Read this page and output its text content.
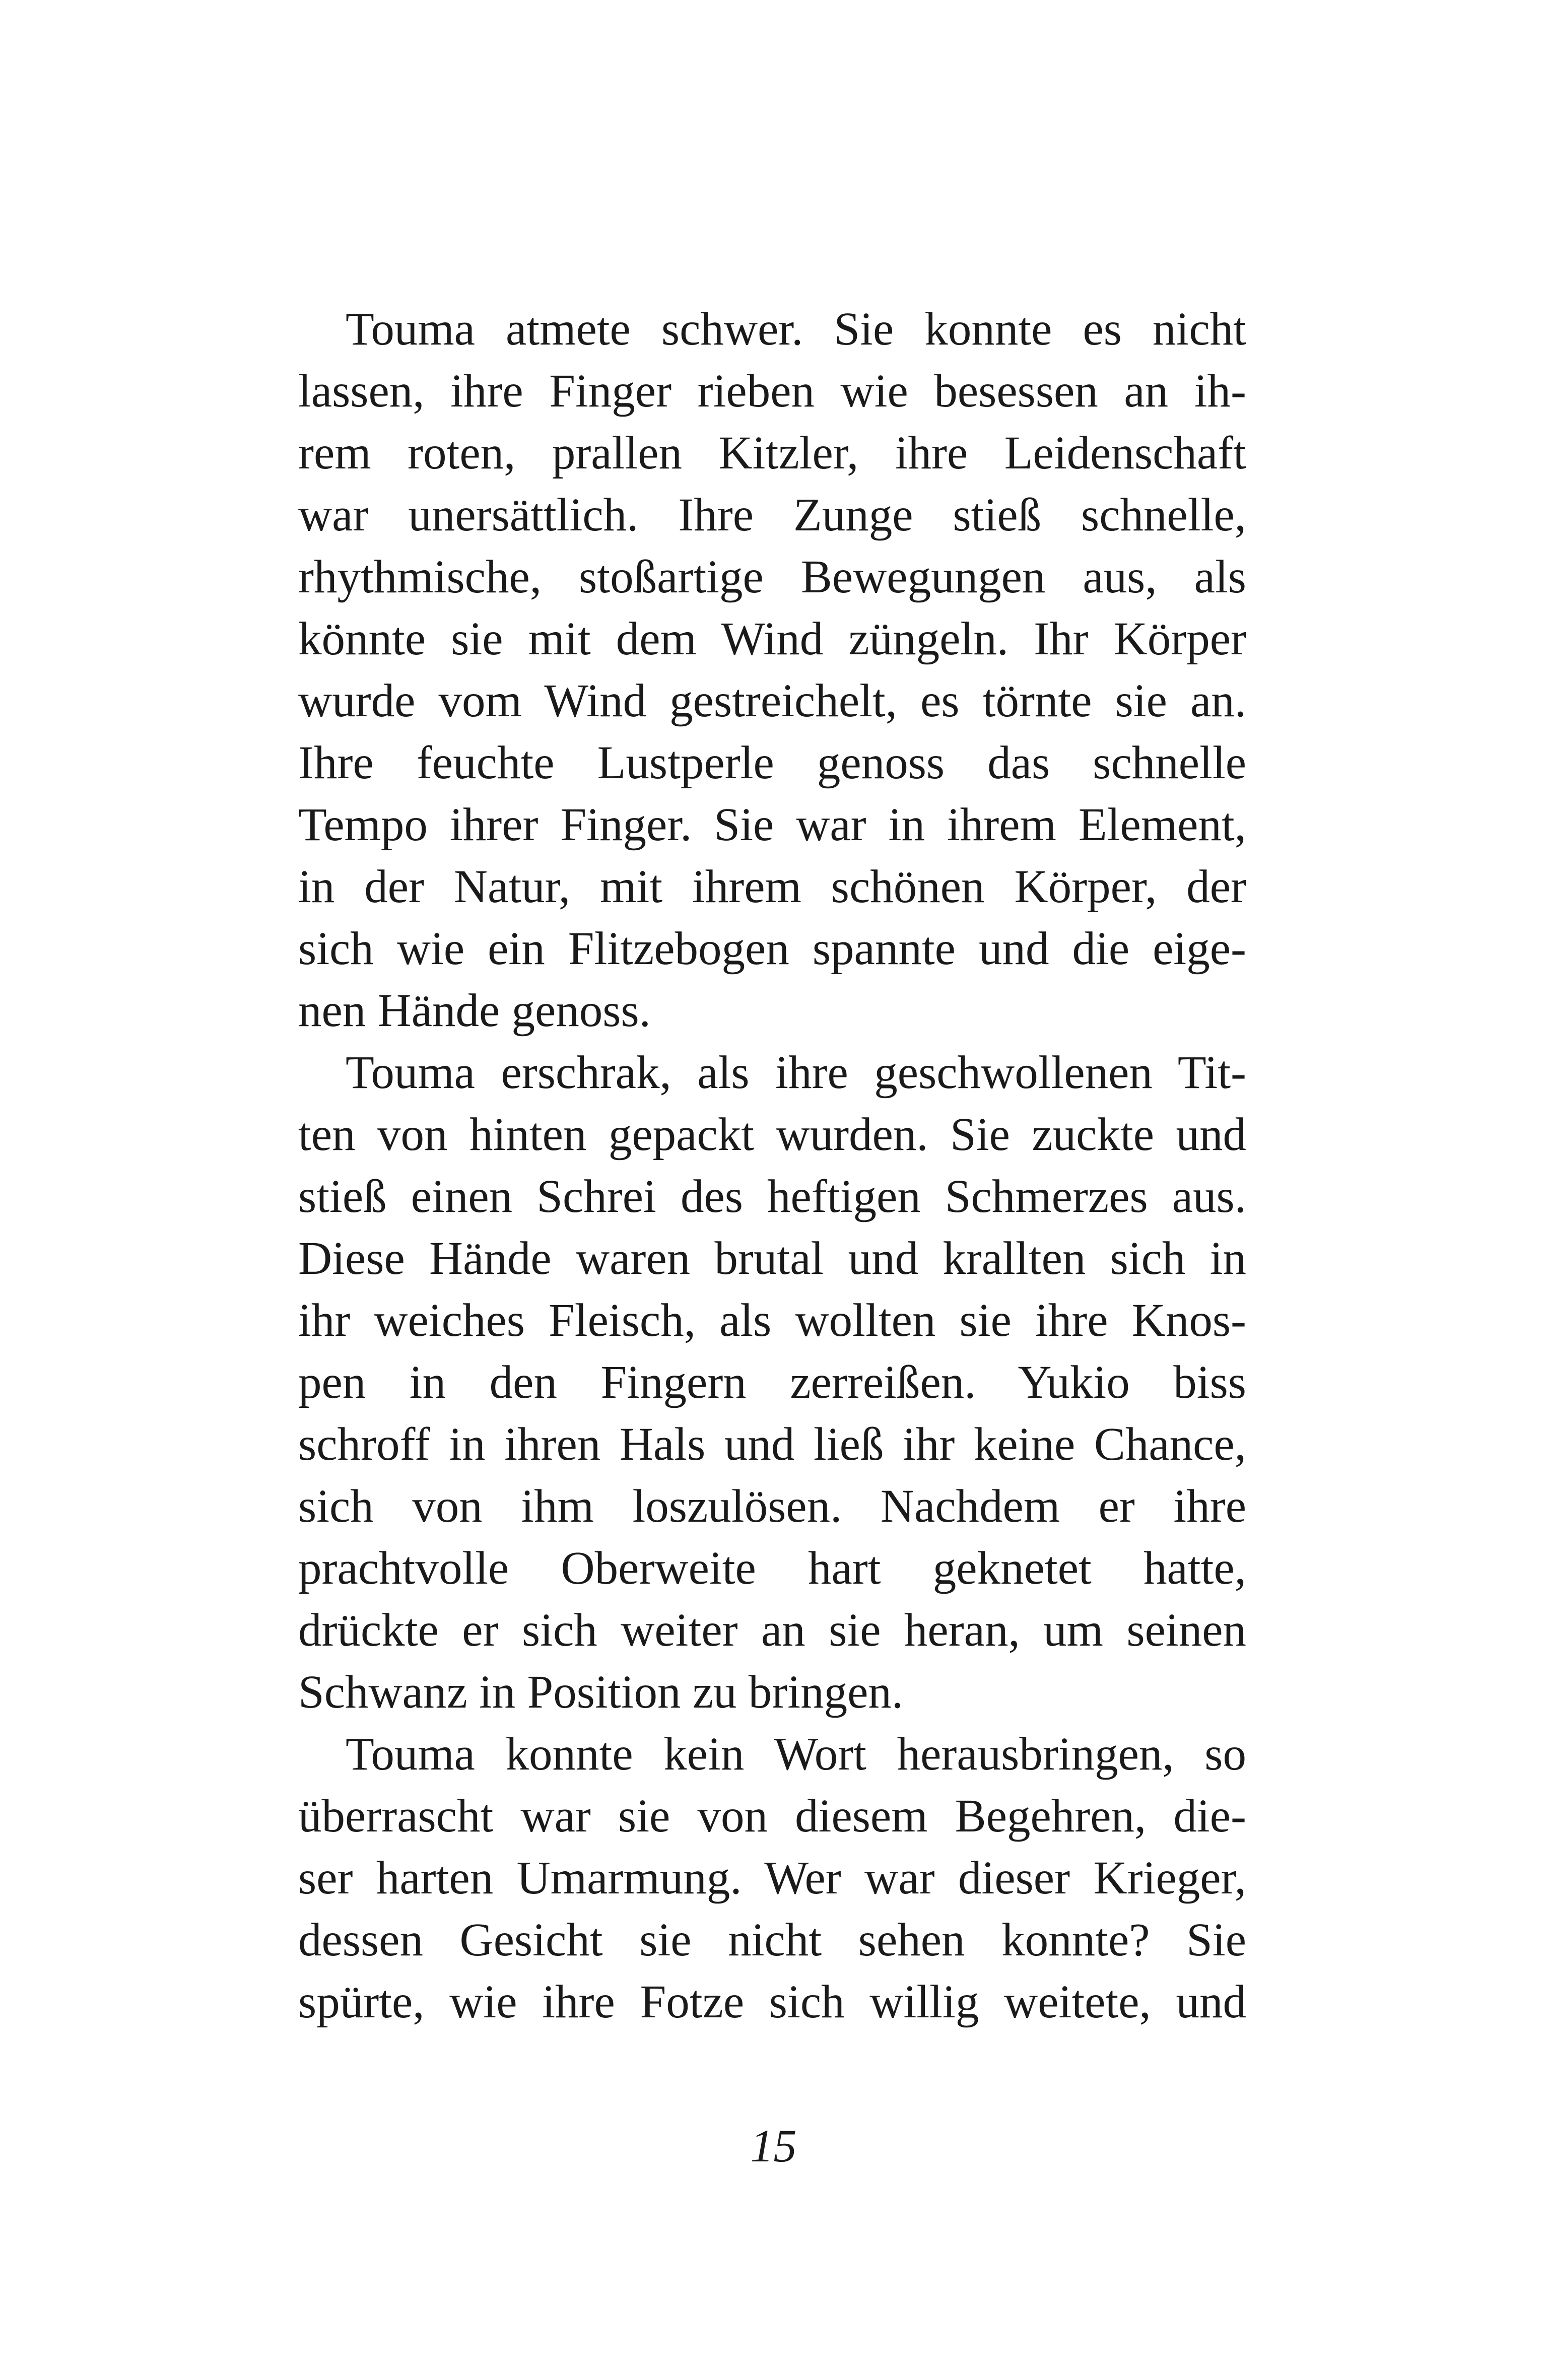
Touma atmete schwer. Sie konnte es nicht
lassen, ihre Finger rieben wie besessen an ih-
rem roten, prallen Kitzler, ihre Leidenschaft
war unersättlich. Ihre Zunge stieß schnelle,
rhythmische, stoßartige Bewegungen aus, als
könnte sie mit dem Wind züngeln. Ihr Körper
wurde vom Wind gestreichelt, es törnte sie an.
Ihre feuchte Lustperle genoss das schnelle
Tempo ihrer Finger. Sie war in ihrem Element,
in der Natur, mit ihrem schönen Körper, der
sich wie ein Flitzebogen spannte und die eige-
nen Hände genoss.
Touma erschrak, als ihre geschwollenen Tit-
ten von hinten gepackt wurden. Sie zuckte und
stieß einen Schrei des heftigen Schmerzes aus.
Diese Hände waren brutal und krallten sich in
ihr weiches Fleisch, als wollten sie ihre Knos-
pen in den Fingern zerreißen. Yukio biss
schroff in ihren Hals und ließ ihr keine Chance,
sich von ihm loszulösen. Nachdem er ihre
prachtvolle Oberweite hart geknetet hatte,
drückte er sich weiter an sie heran, um seinen
Schwanz in Position zu bringen.
Touma konnte kein Wort herausbringen, so
überrascht war sie von diesem Begehren, die-
ser harten Umarmung. Wer war dieser Krieger,
dessen Gesicht sie nicht sehen konnte? Sie
spürte, wie ihre Fotze sich willig weitete, und
15
